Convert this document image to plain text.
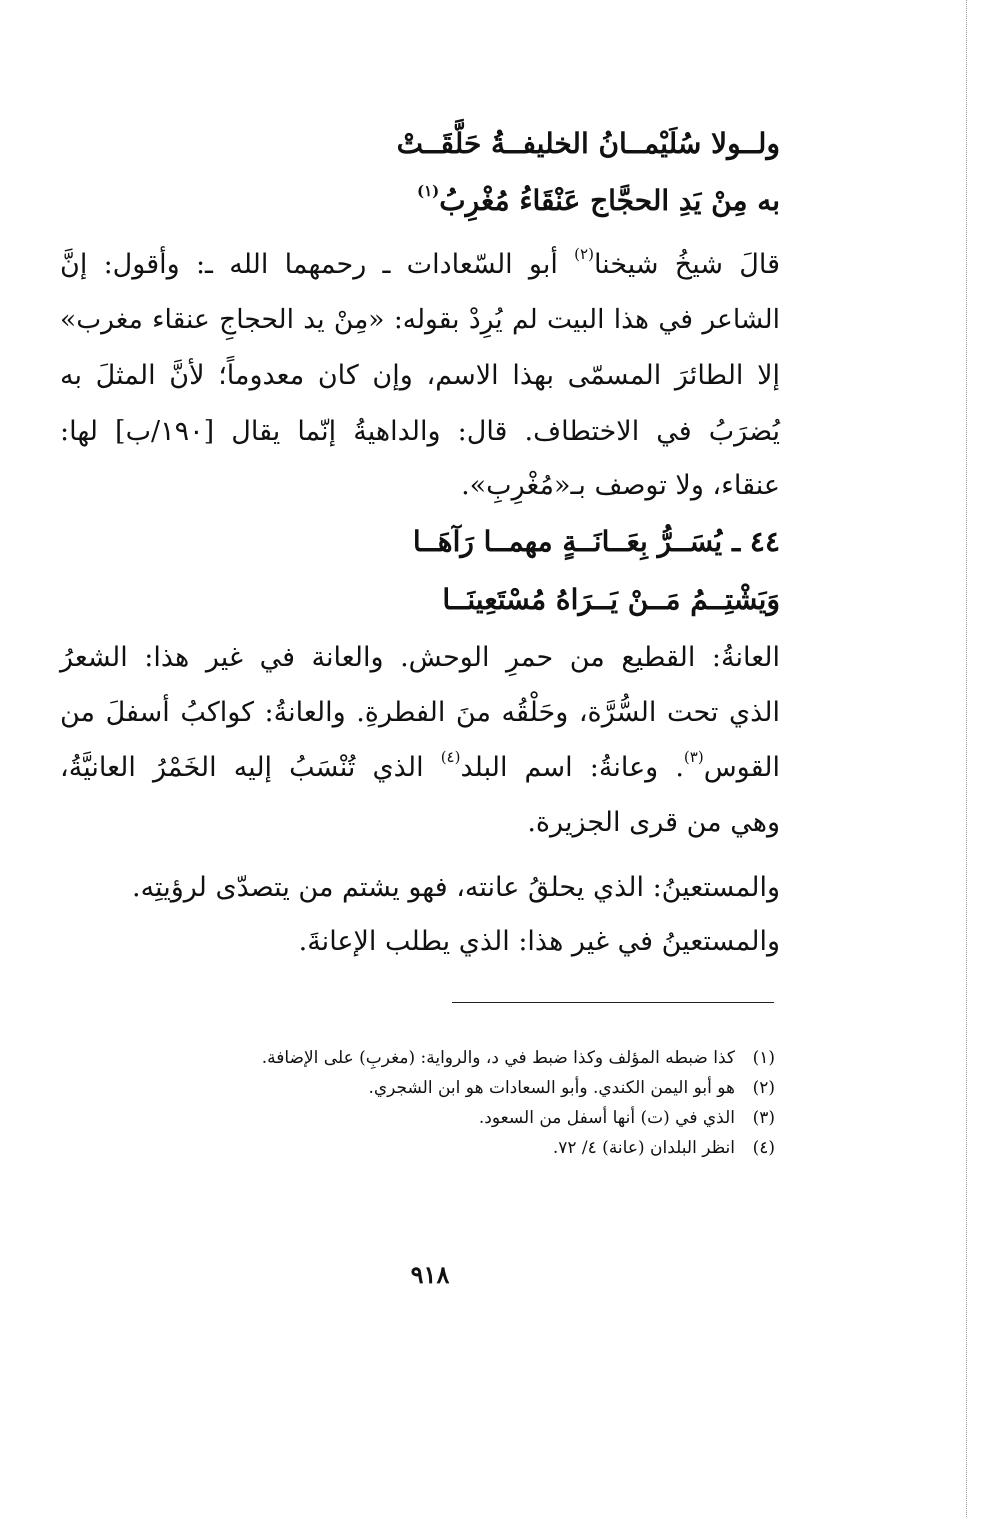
ولــولا سُلَيْمــانُ الخليفــةُ حَلَّقَــتْ
به مِنْ يَدِ الحجَّاج عَنْقَاءُ مُغْرِبُ$^{(١)}$
قالَ شيخُ شيخنا$^{(٢)}$ أبو السّعادات ـ رحمهما الله ـ: وأقول: إنَّ
الشاعر في هذا البيت لم يُرِدْ بقوله: «مِنْ يد الحجاجِ عنقاء مغرب»
إلا الطائرَ المسمّى بهذا الاسم، وإن كان معدوماً؛ لأنَّ المثلَ به
يُضرَبُ في الاختطاف. قال: والداهيةُ إنّما يقال [١٩٠/ب] لها:
عنقاء، ولا توصف بـ«مُغْرِبِ».
٤٤ ـ يُسَــرُّ بِعَــانَــةٍ مهمــا رَآهَــا
وَيَشْتِــمُ مَــنْ يَــرَاهُ مُسْتَعِينَــا
العانةُ: القطيع من حمرِ الوحش. والعانة في غير هذا: الشعرُ
الذي تحت السُّرَّة، وحَلْقُه منَ الفطرةِ. والعانةُ: كواكبُ أسفلَ من
القوس$^{(٣)}$. وعانةُ: اسم البلد$^{(٤)}$ الذي تُنْسَبُ إليه الخَمْرُ العانيَّةُ،
وهي من قرى الجزيرة.
والمستعينُ: الذي يحلقُ عانته، فهو يشتم من يتصدّى لرؤيتِه.
والمستعينُ في غير هذا: الذي يطلب الإعانةَ.
(١)كذا ضبطه المؤلف وكذا ضبط في د، والرواية: (مغربِ) على الإضافة.
(٢)هو أبو اليمن الكندي. وأبو السعادات هو ابن الشجري.
(٣)الذي في (ت) أنها أسفل من السعود.
(٤)انظر البلدان (عانة) ٤/ ٧٢.
٩١٨
